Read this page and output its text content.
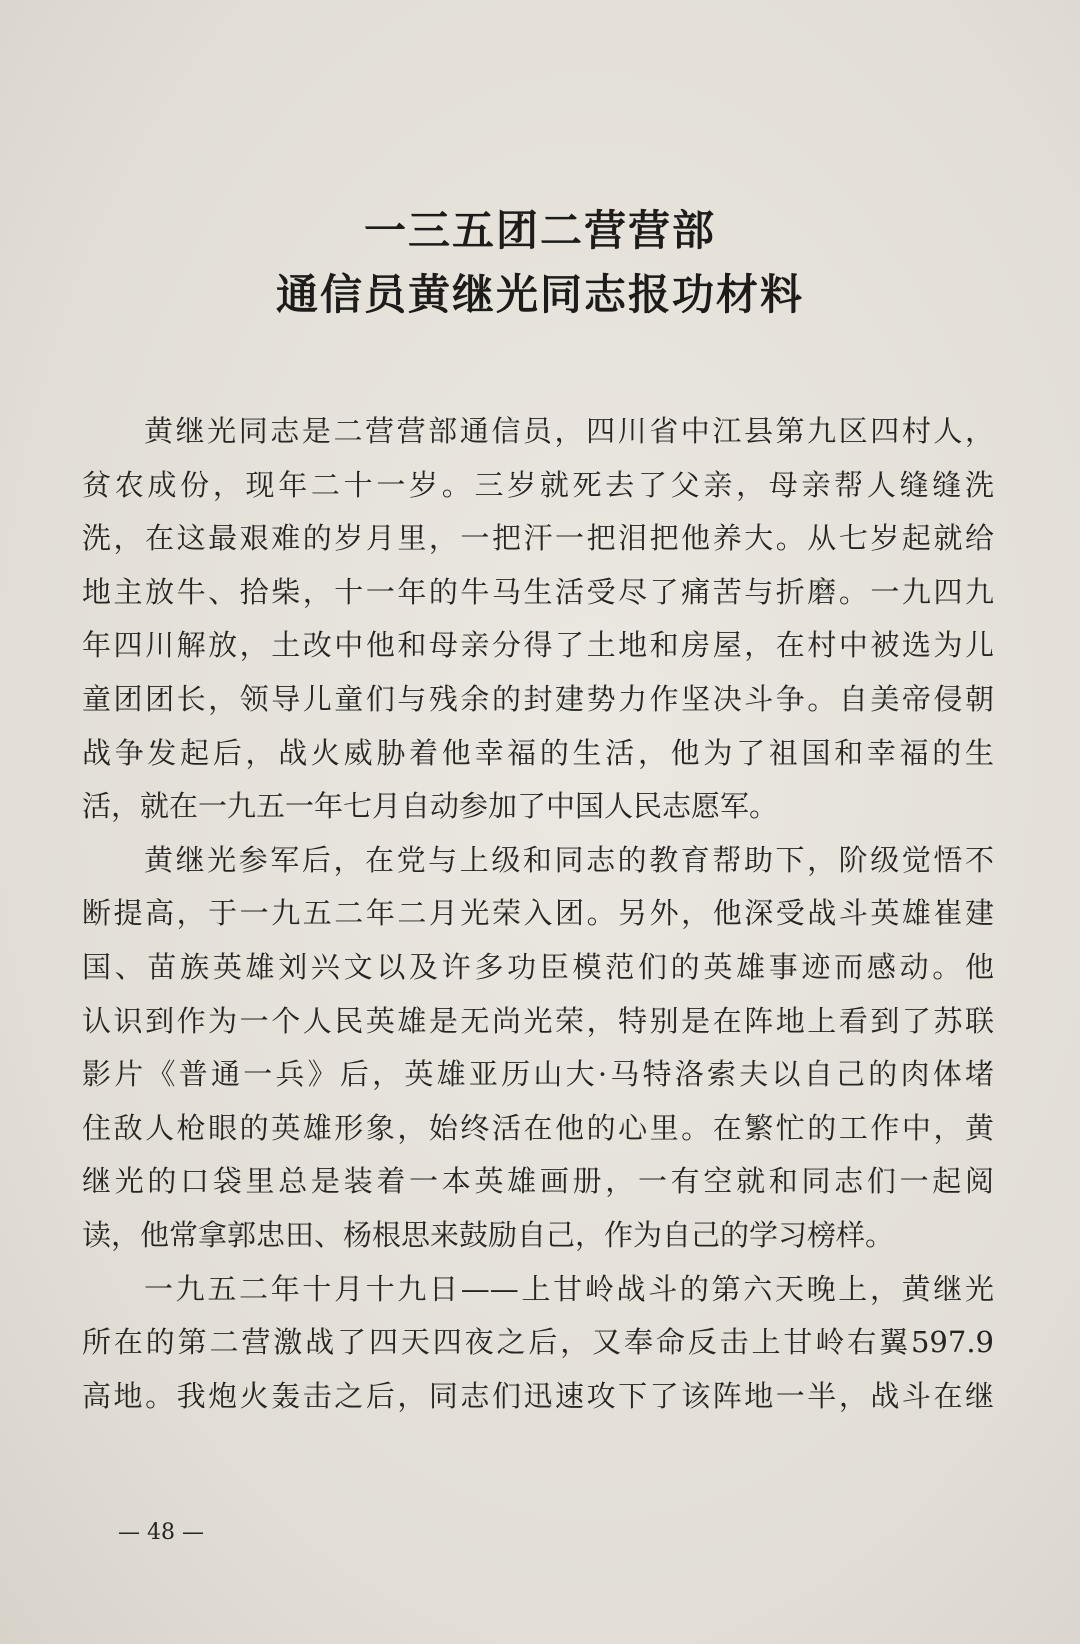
一三五团二营营部
通信员黄继光同志报功材料
黄继光同志是二营营部通信员，四川省中江县第九区四村人，
贫农成份，现年二十一岁。三岁就死去了父亲，母亲帮人缝缝洗
洗，在这最艰难的岁月里，一把汗一把泪把他养大。从七岁起就给
地主放牛、拾柴，十一年的牛马生活受尽了痛苦与折磨。一九四九
年四川解放，土改中他和母亲分得了土地和房屋，在村中被选为儿
童团团长，领导儿童们与残余的封建势力作坚决斗争。自美帝侵朝
战争发起后，战火威胁着他幸福的生活，他为了祖国和幸福的生
活，就在一九五一年七月自动参加了中国人民志愿军。
黄继光参军后，在党与上级和同志的教育帮助下，阶级觉悟不
断提高，于一九五二年二月光荣入团。另外，他深受战斗英雄崔建
国、苗族英雄刘兴文以及许多功臣模范们的英雄事迹而感动。他
认识到作为一个人民英雄是无尚光荣，特别是在阵地上看到了苏联
影片《普通一兵》后，英雄亚历山大·马特洛索夫以自己的肉体堵
住敌人枪眼的英雄形象，始终活在他的心里。在繁忙的工作中，黄
继光的口袋里总是装着一本英雄画册，一有空就和同志们一起阅
读，他常拿郭忠田、杨根思来鼓励自己，作为自己的学习榜样。
一九五二年十月十九日——上甘岭战斗的第六天晚上，黄继光
所在的第二营激战了四天四夜之后，又奉命反击上甘岭右翼597.9
高地。我炮火轰击之后，同志们迅速攻下了该阵地一半，战斗在继
— 48 —
